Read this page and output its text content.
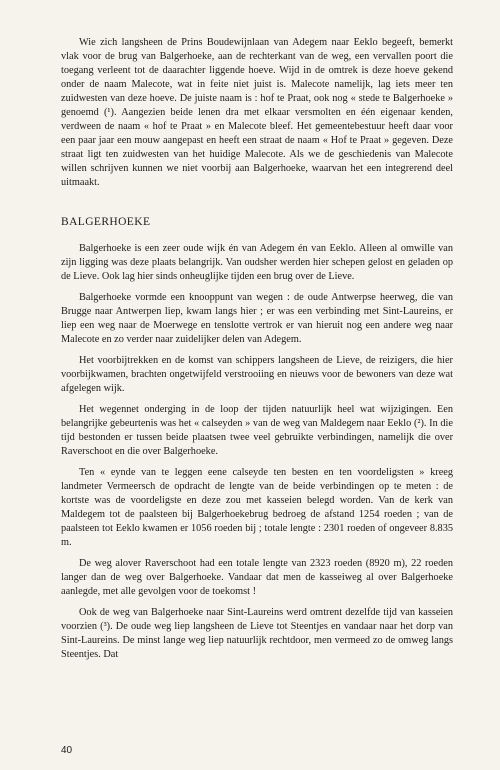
Wie zich langsheen de Prins Boudewijnlaan van Adegem naar Eeklo begeeft, bemerkt vlak voor de brug van Balgerhoeke, aan de rechterkant van de weg, een vervallen poort die toegang verleent tot de daarachter liggende hoeve. Wijd in de omtrek is deze hoeve gekend onder de naam Malecote, wat in feite niet juist is. Malecote namelijk, lag iets meer ten zuidwesten van deze hoeve. De juiste naam is : hof te Praat, ook nog « stede te Balgerhoeke » genoemd (¹). Aangezien beide lenen dra met elkaar versmolten en één eigenaar kenden, verdween de naam « hof te Praat » en Malecote bleef. Het gemeentebestuur heeft daar voor een paar jaar een mouw aangepast en heeft een straat de naam « Hof te Praat » gegeven. Deze straat ligt ten zuidwesten van het huidige Malecote. Als we de geschiedenis van Malecote willen schrijven kunnen we niet voorbij aan Balgerhoeke, waarvan het een integrerend deel uitmaakt.

BALGERHOEKE

Balgerhoeke is een zeer oude wijk én van Adegem én van Eeklo. Alleen al omwille van zijn ligging was deze plaats belangrijk. Van oudsher werden hier schepen gelost en geladen op de Lieve. Ook lag hier sinds onheuglijke tijden een brug over de Lieve.

Balgerhoeke vormde een knooppunt van wegen : de oude Antwerpse heerweg, die van Brugge naar Antwerpen liep, kwam langs hier ; er was een verbinding met Sint-Laureins, er liep een weg naar de Moerwege en tenslotte vertrok er van hieruit nog een andere weg naar Malecote en zo verder naar zuidelijker delen van Adegem.

Het voorbijtrekken en de komst van schippers langsheen de Lieve, de reizigers, die hier voorbijkwamen, brachten ongetwijfeld verstrooiing en nieuws voor de bewoners van deze wat afgelegen wijk.

Het wegennet onderging in de loop der tijden natuurlijk heel wat wijzigingen. Een belangrijke gebeurtenis was het « calseyden » van de weg van Maldegem naar Eeklo (²). In die tijd bestonden er tussen beide plaatsen twee veel gebruikte verbindingen, namelijk die over Raverschoot en die over Balgerhoeke.

Ten « eynde van te leggen eene calseyde ten besten en ten voordeligsten » kreeg landmeter Vermeersch de opdracht de lengte van de beide verbindingen op te meten : de kortste was de voordeligste en deze zou met kasseien belegd worden. Van de kerk van Maldegem tot de paalsteen bij Balgerhoekebrug bedroeg de afstand 1254 roeden ; van de paalsteen tot Eeklo kwamen er 1056 roeden bij ; totale lengte : 2301 roeden of ongeveer 8.835 m.

De weg alover Raverschoot had een totale lengte van 2323 roeden (8920 m), 22 roeden langer dan de weg over Balgerhoeke. Vandaar dat men de kasseiweg al over Balgerhoeke aanlegde, met alle gevolgen voor de toekomst !

Ook de weg van Balgerhoeke naar Sint-Laureins werd omtrent dezelfde tijd van kasseien voorzien (³). De oude weg liep langsheen de Lieve tot Steentjes en vandaar naar het dorp van Sint-Laureins. De minst lange weg liep natuurlijk rechtdoor, men vermeed zo de omweg langs Steentjes. Dat

40
